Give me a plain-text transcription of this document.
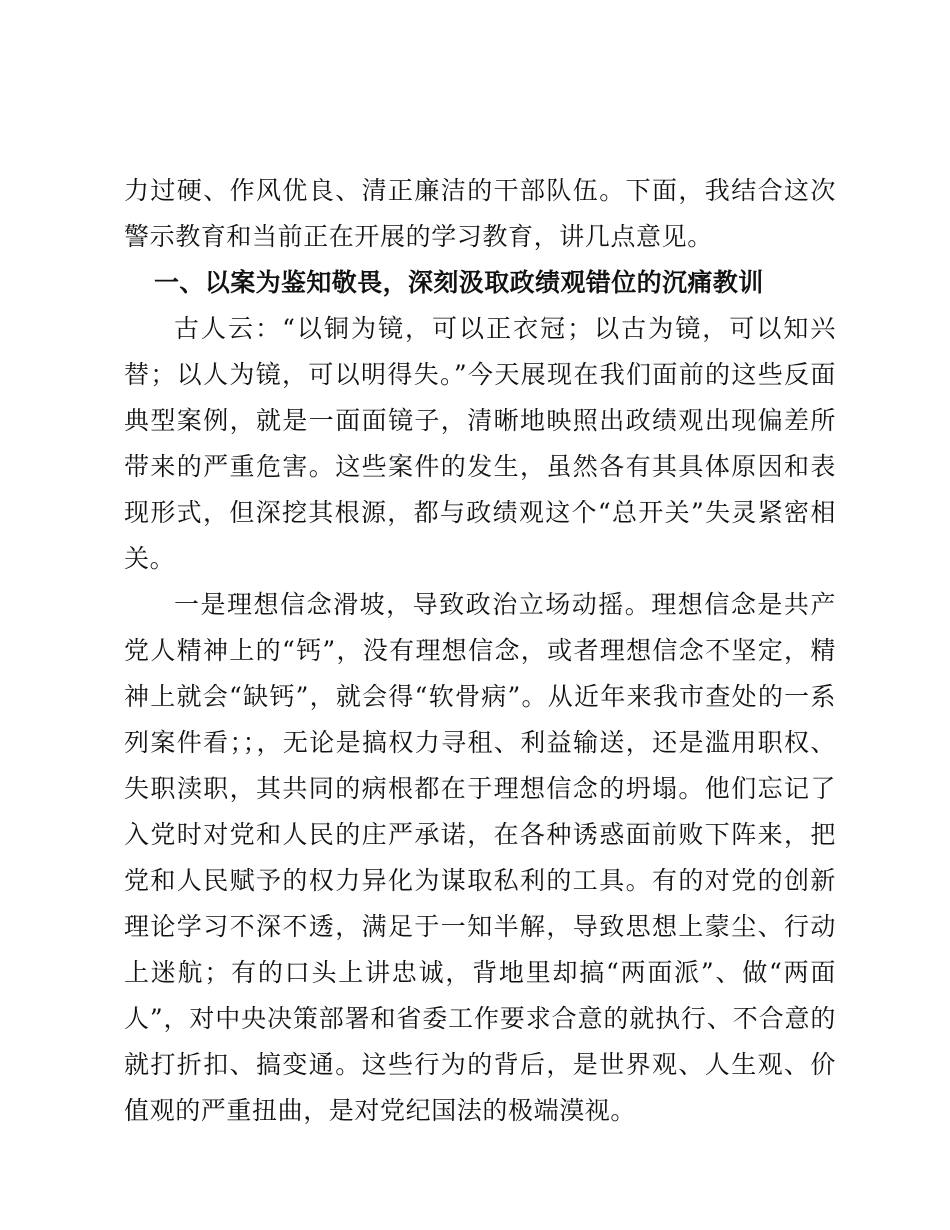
力过硬、作风优良、清正廉洁的干部队伍。下面，我结合这次警示教育和当前正在开展的学习教育，讲几点意见。

一、以案为鉴知敬畏，深刻汲取政绩观错位的沉痛教训

古人云：“以铜为镜，可以正衣冠；以古为镜，可以知兴替；以人为镜，可以明得失。”今天展现在我们面前的这些反面典型案例，就是一面面镜子，清晰地映照出政绩观出现偏差所带来的严重危害。这些案件的发生，虽然各有其具体原因和表现形式，但深挖其根源，都与政绩观这个“总开关”失灵紧密相关。

一是理想信念滑坡，导致政治立场动摇。理想信念是共产党人精神上的“钙”，没有理想信念，或者理想信念不坚定，精神上就会“缺钙”，就会得“软骨病”。从近年来我市查处的一系列案件看；；，无论是搞权力寻租、利益输送，还是滥用职权、失职渎职，其共同的病根都在于理想信念的坍塌。他们忘记了入党时对党和人民的庄严承诺，在各种诱惑面前败下阵来，把党和人民赋予的权力异化为谋取私利的工具。有的对党的创新理论学习不深不透，满足于一知半解，导致思想上蒙尘、行动上迷航；有的口头上讲忠诚，背地里却搞“两面派”、做“两面人”，对中央决策部署和省委工作要求合意的就执行、不合意的就打折扣、搞变通。这些行为的背后，是世界观、人生观、价值观的严重扭曲，是对党纪国法的极端漠视。
